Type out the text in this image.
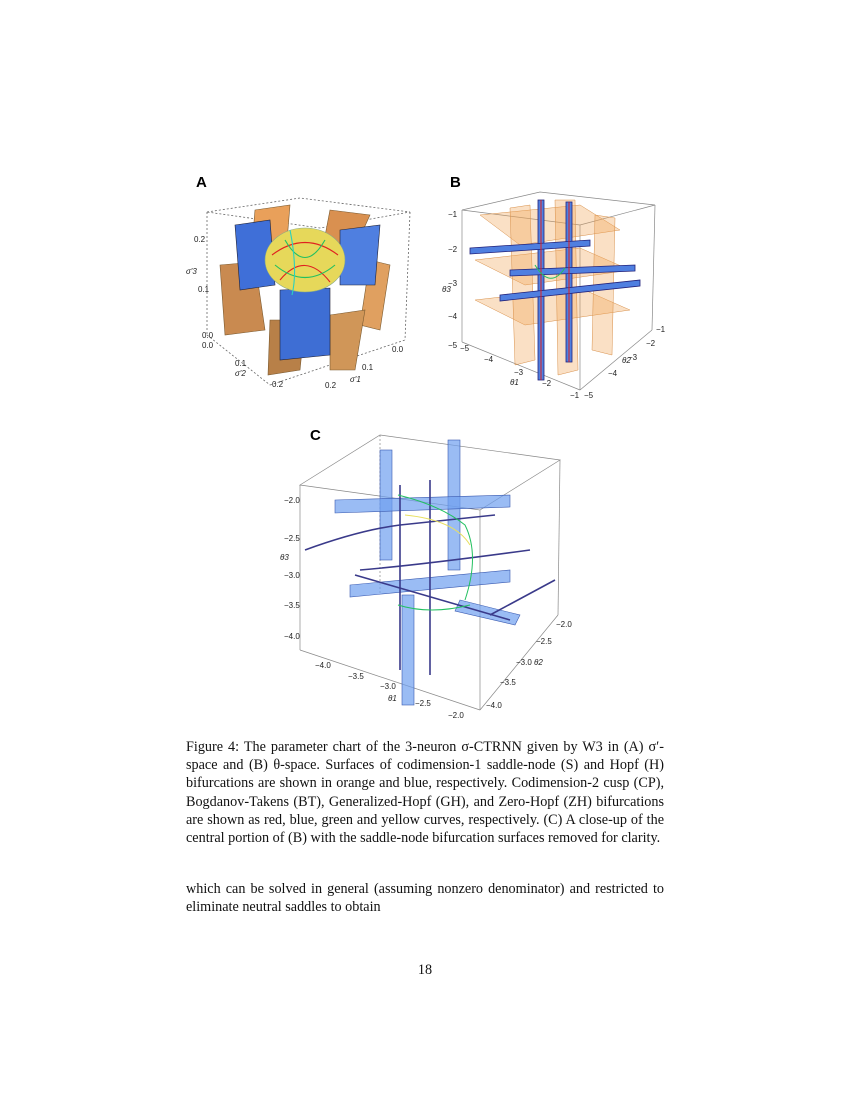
A
0.2
0.1
0.0
0.0
0.1
0.2
0.0
0.1
0.2
σ′3
σ′2
σ′1
B
−1
−2
−3
−4
−5 −5
−4
−3
−2
−1
−1
−2
−3
−4
−5
θ3
θ1
θ2
C
−2.0
−2.5
−3.0
−3.5
−4.0
−4.0
−3.5
−3.0
−2.5
−2.0
−2.0
−2.5
−3.0
−3.5
−4.0
θ3
θ1
θ2
Figure 4: The parameter chart of the 3-neuron σ-CTRNN given by W3 in (A) σ′-space and (B) θ-space. Surfaces of codimension-1 saddle-node (S) and Hopf (H) bifurcations are shown in orange and blue, respectively. Codimension-2 cusp (CP), Bogdanov-Takens (BT), Generalized-Hopf (GH), and Zero-Hopf (ZH) bifurcations are shown as red, blue, green and yellow curves, respectively. (C) A close-up of the central portion of (B) with the saddle-node bifurcation surfaces removed for clarity.
which can be solved in general (assuming nonzero denominator) and restricted to eliminate neutral saddles to obtain
18
